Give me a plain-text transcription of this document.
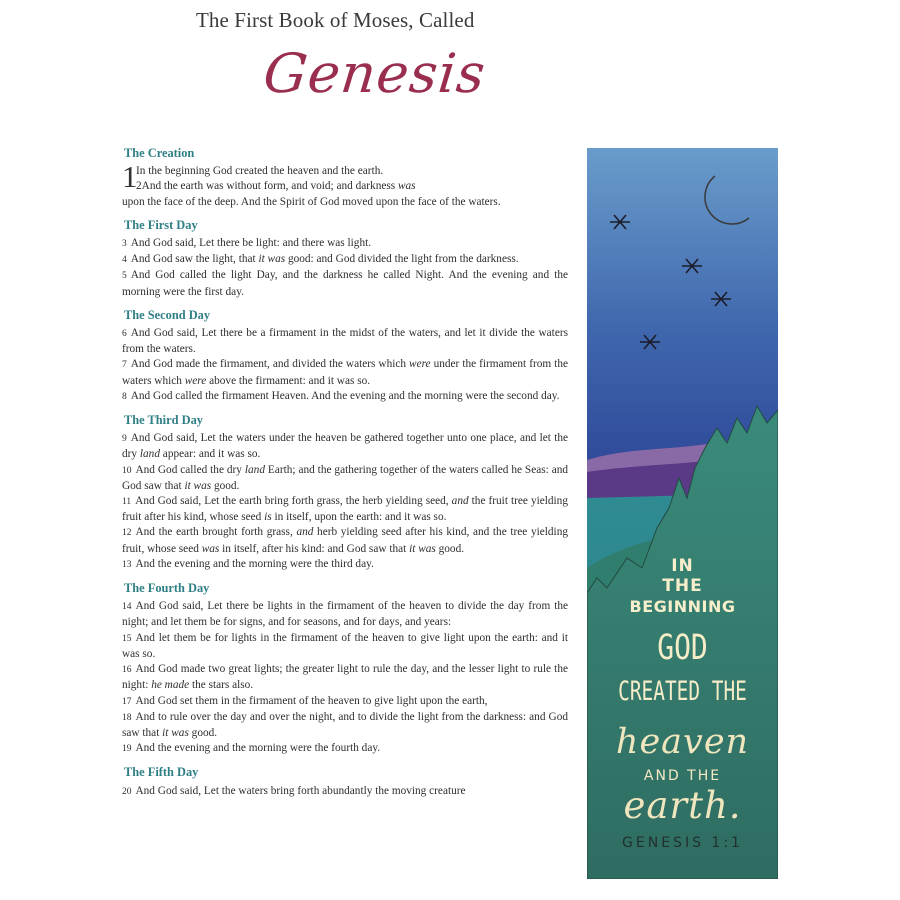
The First Book of Moses, Called
Genesis
The Creation
1
In the beginning God created the heaven and the earth.
2And the earth was without form, and void; and darkness was
upon the face of the deep. And the Spirit of God moved upon the face of the waters.
The First Day
3 And God said, Let there be light: and there was light.
4 And God saw the light, that it was good: and God divided the light from the darkness.
5 And God called the light Day, and the darkness he called Night. And the evening and the morning were the first day.
The Second Day
6 And God said, Let there be a firmament in the midst of the waters, and let it divide the waters from the waters.
7 And God made the firmament, and divided the waters which were under the firmament from the waters which were above the firmament: and it was so.
8 And God called the firmament Heaven. And the evening and the morning were the second day.
The Third Day
9 And God said, Let the waters under the heaven be gathered together unto one place, and let the dry land appear: and it was so.
10 And God called the dry land Earth; and the gathering together of the waters called he Seas: and God saw that it was good.
11 And God said, Let the earth bring forth grass, the herb yielding seed, and the fruit tree yielding fruit after his kind, whose seed is in itself, upon the earth: and it was so.
12 And the earth brought forth grass, and herb yielding seed after his kind, and the tree yielding fruit, whose seed was in itself, after his kind: and God saw that it was good.
13 And the evening and the morning were the third day.
The Fourth Day
14 And God said, Let there be lights in the firmament of the heaven to divide the day from the night; and let them be for signs, and for seasons, and for days, and years:
15 And let them be for lights in the firmament of the heaven to give light upon the earth: and it was so.
16 And God made two great lights; the greater light to rule the day, and the lesser light to rule the night: he made the stars also.
17 And God set them in the firmament of the heaven to give light upon the earth,
18 And to rule over the day and over the night, and to divide the light from the darkness: and God saw that it was good.
19 And the evening and the morning were the fourth day.
The Fifth Day
20 And God said, Let the waters bring forth abundantly the moving creature
IN
THE
BEGINNING
GOD
CREATED THE
heaven
AND THE
earth.
GENESIS 1:1
